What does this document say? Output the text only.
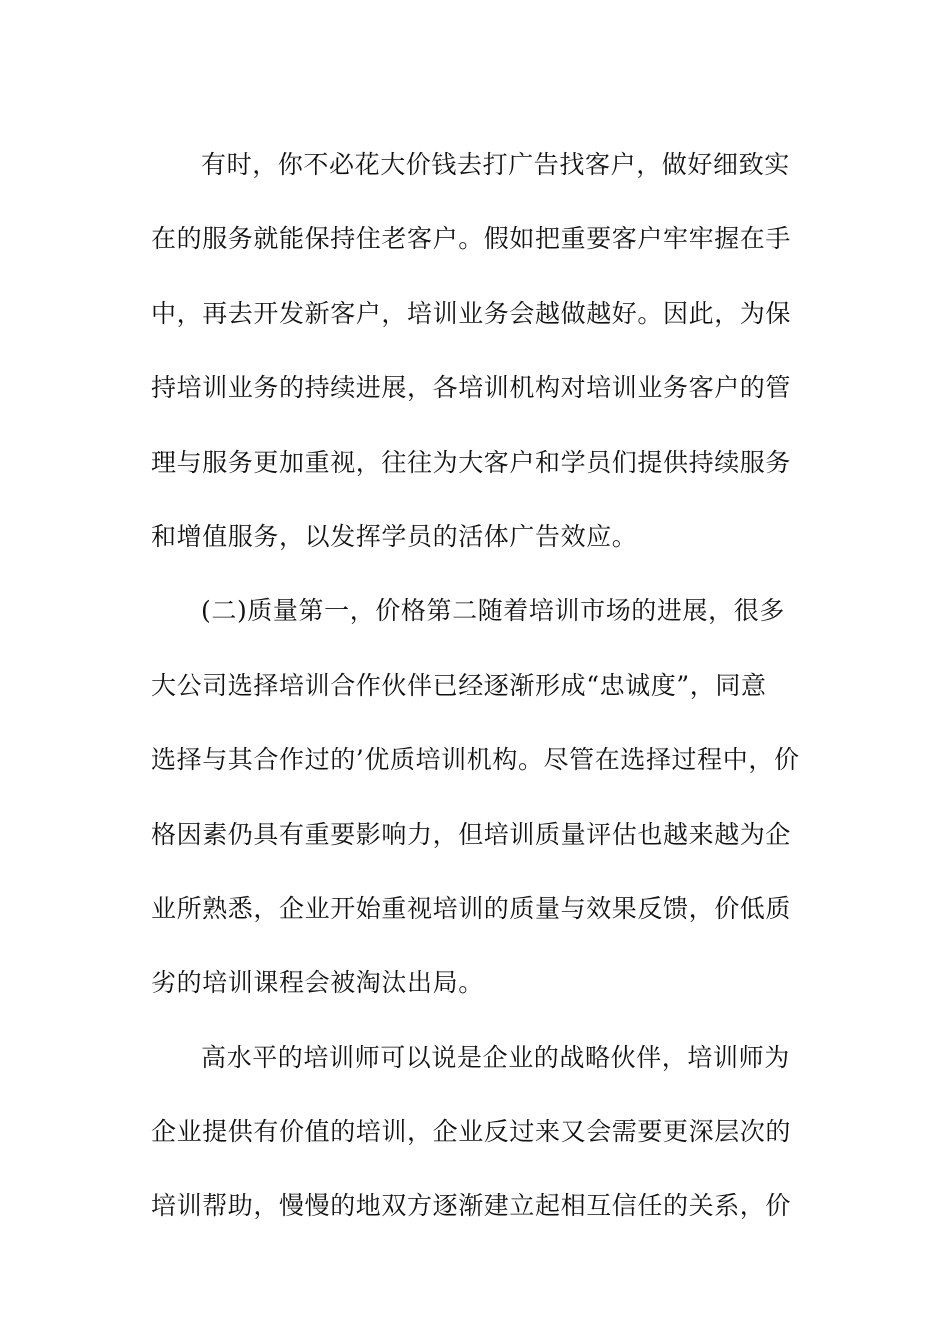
有时，你不必花大价钱去打广告找客户，做好细致实
在的服务就能保持住老客户。假如把重要客户牢牢握在手
中，再去开发新客户，培训业务会越做越好。因此，为保
持培训业务的持续进展，各培训机构对培训业务客户的管
理与服务更加重视，往往为大客户和学员们提供持续服务
和增值服务，以发挥学员的活体广告效应。
(二)质量第一，价格第二随着培训市场的进展，很多
大公司选择培训合作伙伴已经逐渐形成“忠诚度”，同意
选择与其合作过的’优质培训机构。尽管在选择过程中，价
格因素仍具有重要影响力，但培训质量评估也越来越为企
业所熟悉，企业开始重视培训的质量与效果反馈，价低质
劣的培训课程会被淘汰出局。
高水平的培训师可以说是企业的战略伙伴，培训师为
企业提供有价值的培训，企业反过来又会需要更深层次的
培训帮助，慢慢的地双方逐渐建立起相互信任的关系，价
